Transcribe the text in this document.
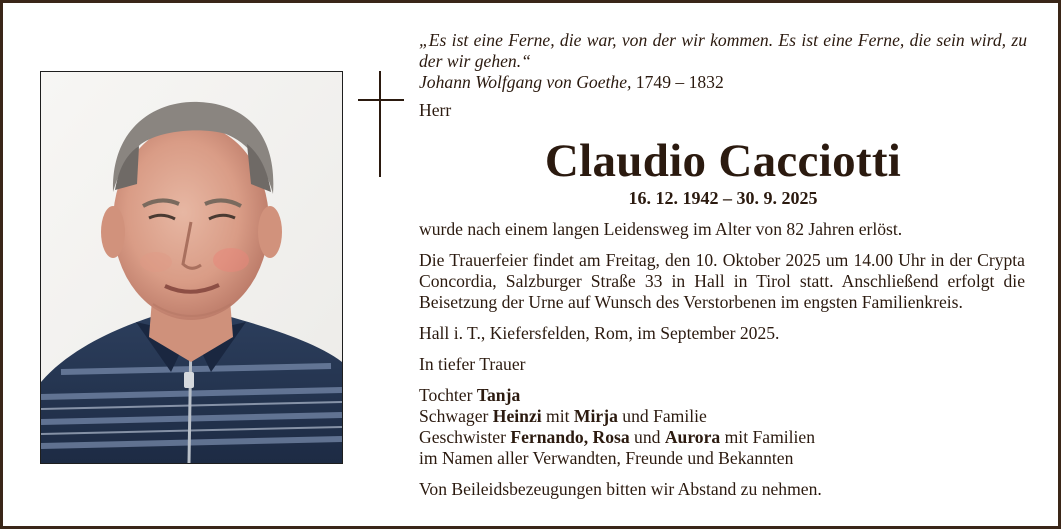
„Es ist eine Ferne, die war, von der wir kommen. Es ist eine Ferne, die sein wird, zu der wir gehen.“
Johann Wolfgang von Goethe, 1749 – 1832
Herr
Claudio Cacciotti
16. 12. 1942 – 30. 9. 2025

wurde nach einem langen Leidensweg im Alter von 82 Jahren erlöst.

Die Trauerfeier findet am Freitag, den 10. Oktober 2025 um 14.00 Uhr in der Crypta Concordia, Salzburger Straße 33 in Hall in Tirol statt. Anschließend erfolgt die Beisetzung der Urne auf Wunsch des Verstorbenen im engsten Familienkreis.

Hall i. T., Kiefersfelden, Rom, im September 2025.

In tiefer Trauer

Tochter Tanja
Schwager Heinzi mit Mirja und Familie
Geschwister Fernando, Rosa und Aurora mit Familien
im Namen aller Verwandten, Freunde und Bekannten

Von Beileidsbezeugungen bitten wir Abstand zu nehmen.
